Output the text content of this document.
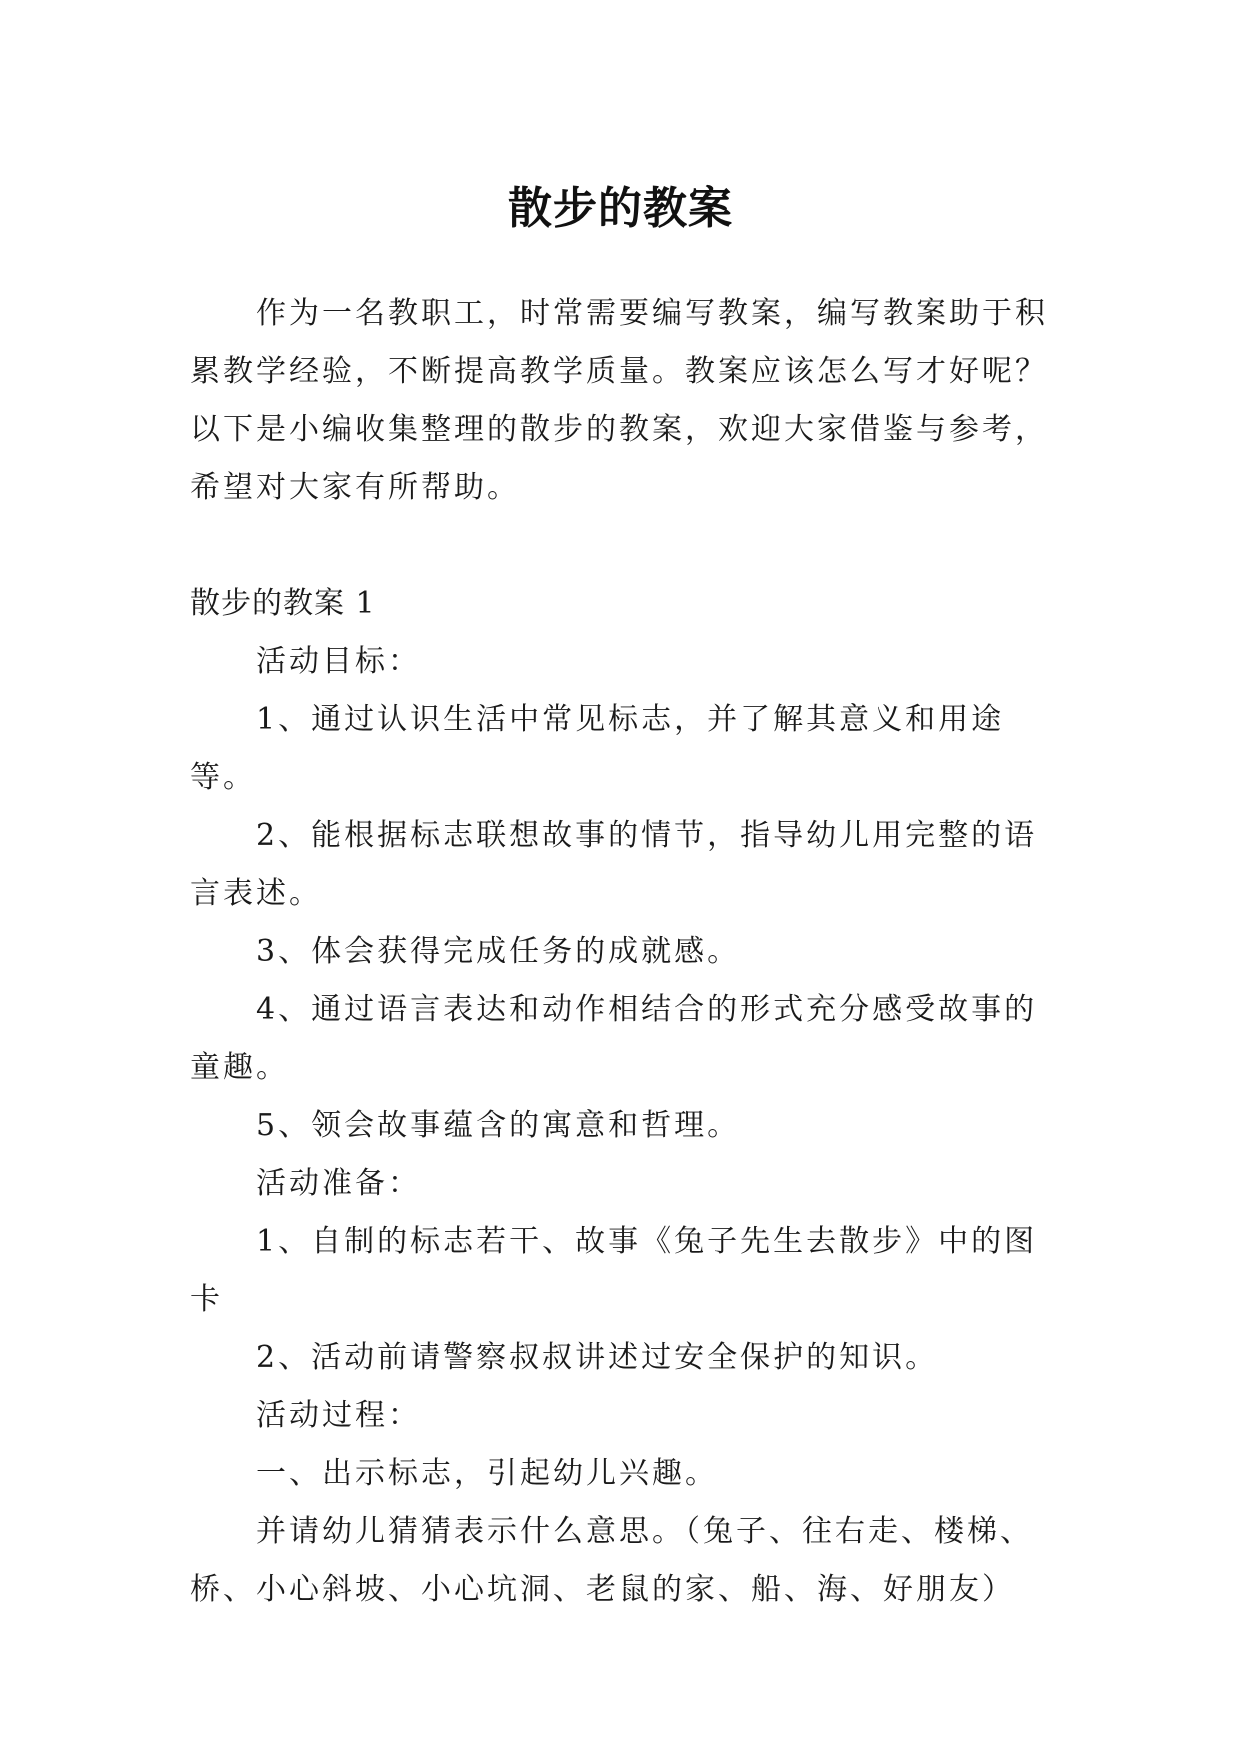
散步的教案

作为一名教职工，时常需要编写教案，编写教案助于积累教学经验，不断提高教学质量。教案应该怎么写才好呢？以下是小编收集整理的散步的教案，欢迎大家借鉴与参考，希望对大家有所帮助。

散步的教案 1

活动目标：

1、通过认识生活中常见标志，并了解其意义和用途等。

2、能根据标志联想故事的情节，指导幼儿用完整的语言表述。

3、体会获得完成任务的成就感。

4、通过语言表达和动作相结合的形式充分感受故事的童趣。

5、领会故事蕴含的寓意和哲理。

活动准备：

1、自制的标志若干、故事《兔子先生去散步》中的图卡

2、活动前请警察叔叔讲述过安全保护的知识。

活动过程：

一、出示标志，引起幼儿兴趣。

并请幼儿猜猜表示什么意思。（兔子、往右走、楼梯、桥、小心斜坡、小心坑洞、老鼠的家、船、海、好朋友）
